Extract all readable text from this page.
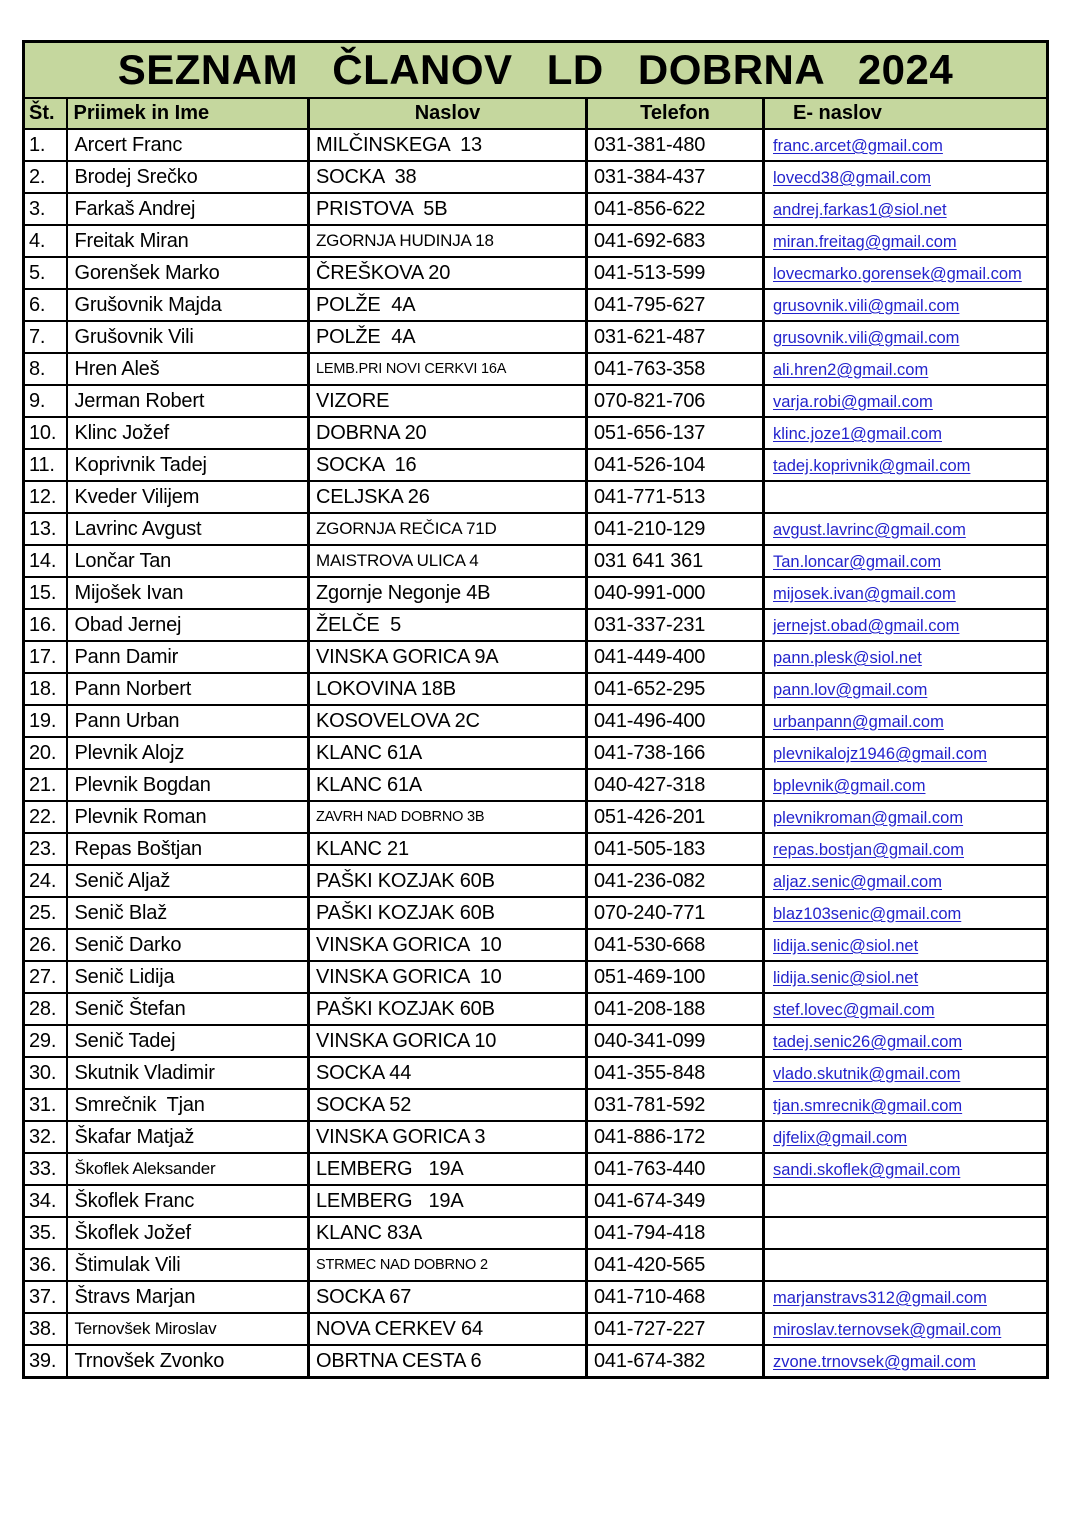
SEZNAM ČLANOV LD DOBRNA 2024				
Št.	Priimek in Ime	Naslov	Telefon	E- naslov
1.	Arcert Franc	MILČINSKEGA  13	031-381-480	franc.arcet@gmail.com
2.	Brodej Srečko	SOCKA  38	031-384-437	lovecd38@gmail.com
3.	Farkaš Andrej	PRISTOVA  5B	041-856-622	andrej.farkas1@siol.net
4.	Freitak Miran	ZGORNJA HUDINJA 18	041-692-683	miran.freitag@gmail.com
5.	Gorenšek Marko	ČREŠKOVA 20	041-513-599	lovecmarko.gorensek@gmail.com
6.	Grušovnik Majda	POLŽE  4A	041-795-627	grusovnik.vili@gmail.com
7.	Grušovnik Vili	POLŽE  4A	031-621-487	grusovnik.vili@gmail.com
8.	Hren Aleš	LEMB.PRI NOVI CERKVI 16A	041-763-358	ali.hren2@gmail.com
9.	Jerman Robert	VIZORE	070-821-706	varja.robi@gmail.com
10.	Klinc Jožef	DOBRNA 20	051-656-137	klinc.joze1@gmail.com
11.	Koprivnik Tadej	SOCKA  16	041-526-104	tadej.koprivnik@gmail.com
12.	Kveder Vilijem	CELJSKA 26	041-771-513	
13.	Lavrinc Avgust	ZGORNJA REČICA 71D	041-210-129	avgust.lavrinc@gmail.com
14.	Lončar Tan	MAISTROVA ULICA 4	031 641 361	Tan.loncar@gmail.com
15.	Mijošek Ivan	Zgornje Negonje 4B	040-991-000	mijosek.ivan@gmail.com
16.	Obad Jernej	ŽELČE  5	031-337-231	jernejst.obad@gmail.com
17.	Pann Damir	VINSKA GORICA 9A	041-449-400	pann.plesk@siol.net
18.	Pann Norbert	LOKOVINA 18B	041-652-295	pann.lov@gmail.com
19.	Pann Urban	KOSOVELOVA 2C	041-496-400	urbanpann@gmail.com
20.	Plevnik Alojz	KLANC 61A	041-738-166	plevnikalojz1946@gmail.com
21.	Plevnik Bogdan	KLANC 61A	040-427-318	bplevnik@gmail.com
22.	Plevnik Roman	ZAVRH NAD DOBRNO 3B	051-426-201	plevnikroman@gmail.com
23.	Repas Boštjan	KLANC 21	041-505-183	repas.bostjan@gmail.com
24.	Senič Aljaž	PAŠKI KOZJAK 60B	041-236-082	aljaz.senic@gmail.com
25.	Senič Blaž	PAŠKI KOZJAK 60B	070-240-771	blaz103senic@gmail.com
26.	Senič Darko	VINSKA GORICA  10	041-530-668	lidija.senic@siol.net
27.	Senič Lidija	VINSKA GORICA  10	051-469-100	lidija.senic@siol.net
28.	Senič Štefan	PAŠKI KOZJAK 60B	041-208-188	stef.lovec@gmail.com
29.	Senič Tadej	VINSKA GORICA 10	040-341-099	tadej.senic26@gmail.com
30.	Skutnik Vladimir	SOCKA 44	041-355-848	vlado.skutnik@gmail.com
31.	Smrečnik  Tjan	SOCKA 52	031-781-592	tjan.smrecnik@gmail.com
32.	Škafar Matjaž	VINSKA GORICA 3	041-886-172	djfelix@gmail.com
33.	Škoflek Aleksander	LEMBERG   19A	041-763-440	sandi.skoflek@gmail.com
34.	Škoflek Franc	LEMBERG   19A	041-674-349	
35.	Škoflek Jožef	KLANC 83A	041-794-418	
36.	Štimulak Vili	STRMEC NAD DOBRNO 2	041-420-565	
37.	Štravs Marjan	SOCKA 67	041-710-468	marjanstravs312@gmail.com
38.	Ternovšek Miroslav	NOVA CERKEV 64	041-727-227	miroslav.ternovsek@gmail.com
39.	Trnovšek Zvonko	OBRTNA CESTA 6	041-674-382	zvone.trnovsek@gmail.com
